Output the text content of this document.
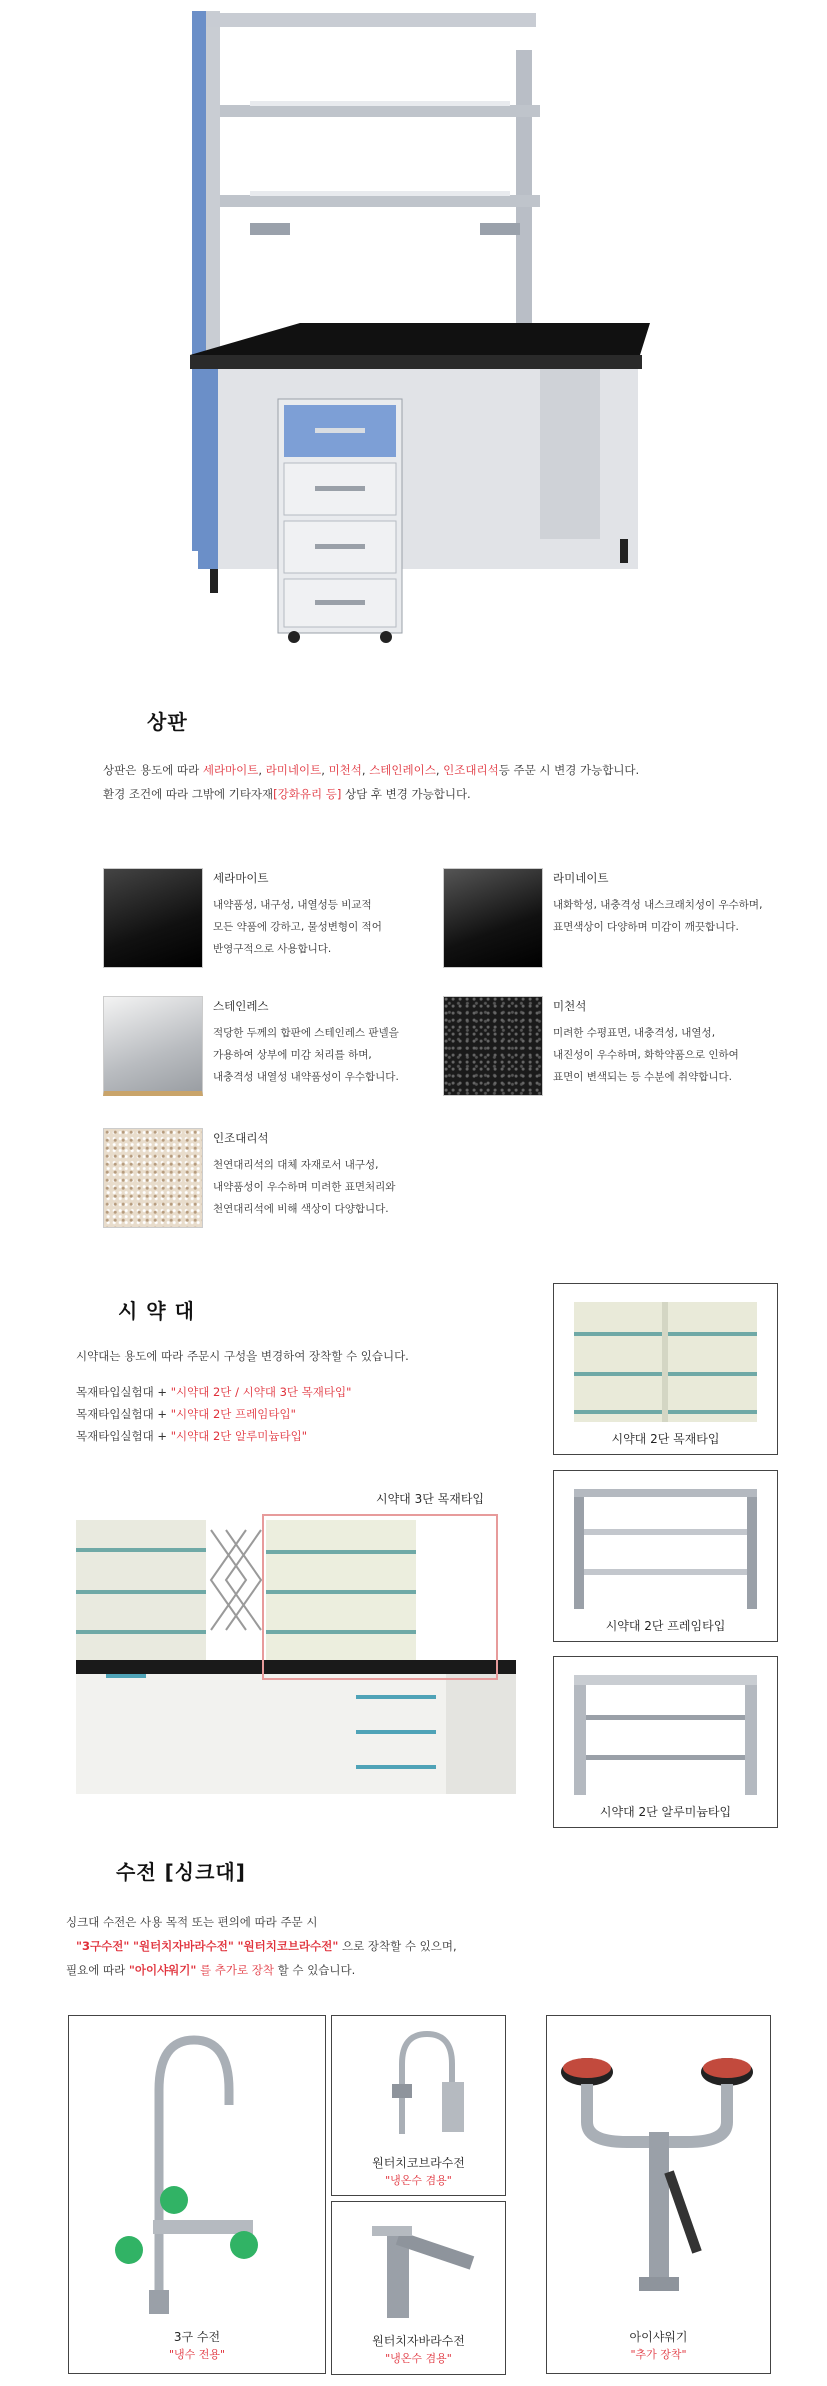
상판
상판은 용도에 따라 세라마이트, 라미네이트, 미천석, 스테인레이스, 인조대리석등 주문 시 변경 가능합니다.
환경 조건에 따라 그밖에 기타자재[강화유리 등] 상담 후 변경 가능합니다.
세라마이트
내약품성, 내구성, 내열성등 비교적
모든 약품에 강하고, 물성변형이 적어
반영구적으로 사용합니다.
라미네이트
내화학성, 내충격성 내스크래치성이 우수하며,
표면색상이 다양하며 미감이 깨끗합니다.
스테인레스
적당한 두께의 합판에 스테인레스 판넬을
가용하여 상부에 미감 처리를 하며,
내충격성 내열성 내약품성이 우수합니다.
미천석
미려한 수평표면, 내충격성, 내열성,
내진성이 우수하며, 화학약품으로 인하여
표면이 변색되는 등 수분에 취약합니다.
인조대리석
천연대리석의 대체 자재로서 내구성,
내약품성이 우수하며 미려한 표면처리와
천연대리석에 비해 색상이 다양합니다.
시 약 대
시약대는 용도에 따라 주문시 구성을 변경하여 장착할 수 있습니다.
목재타입실험대 + "시약대 2단 / 시약대 3단 목재타입"
목재타입실험대 + "시약대 2단 프레임타입"
목재타입실험대 + "시약대 2단 알루미늄타입"
시약대 3단 목재타입
시약대 2단 목재타입
시약대 2단 프레임타입
시약대 2단 알루미늄타입
수전 [싱크대]
싱크대 수전은 사용 목적 또는 편의에 따라 주문 시
"3구수전" "원터치자바라수전" "원터치코브라수전" 으로 장착할 수 있으며,
필요에 따라 "아이샤워기" 를 추가로 장착 할 수 있습니다.
3구 수전
"냉수 전용"
원터치코브라수전
"냉온수 겸용"
원터치자바라수전
"냉온수 겸용"
아이샤워기
"추가 장착"
